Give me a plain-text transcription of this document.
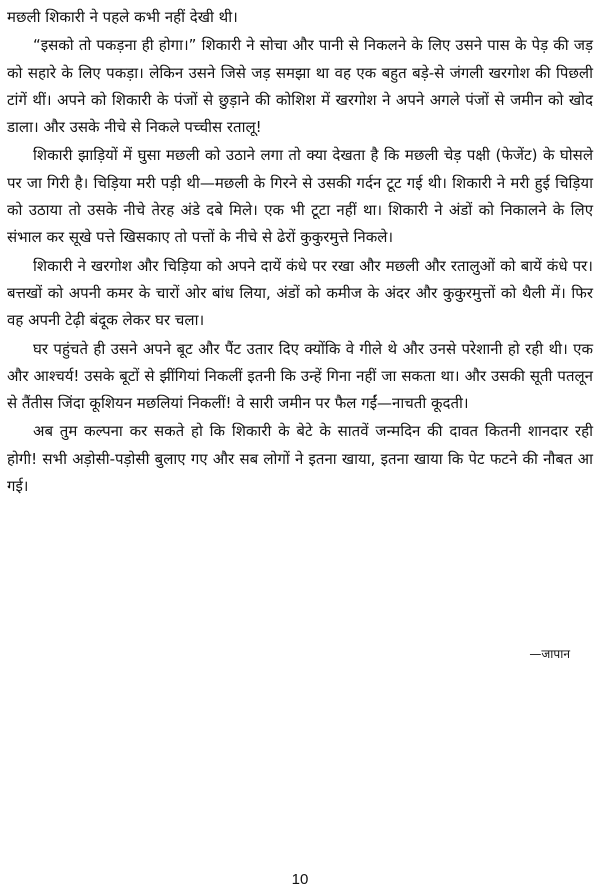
मछली शिकारी ने पहले कभी नहीं देखी थी।

“इसको तो पकड़ना ही होगा।” शिकारी ने सोचा और पानी से निकलने के लिए उसने पास के पेड़ की जड़ को सहारे के लिए पकड़ा। लेकिन उसने जिसे जड़ समझा था वह एक बहुत बड़े-से जंगली खरगोश की पिछली टांगें थीं। अपने को शिकारी के पंजों से छुड़ाने की कोशिश में खरगोश ने अपने अगले पंजों से जमीन को खोद डाला। और उसके नीचे से निकले पच्चीस रतालू!

शिकारी झाड़ियों में घुसा मछली को उठाने लगा तो क्या देखता है कि मछली चेड़ पक्षी (फेजेंट) के घोसले पर जा गिरी है। चिड़िया मरी पड़ी थी—मछली के गिरने से उसकी गर्दन टूट गई थी। शिकारी ने मरी हुई चिड़िया को उठाया तो उसके नीचे तेरह अंडे दबे मिले। एक भी टूटा नहीं था। शिकारी ने अंडों को निकालने के लिए संभाल कर सूखे पत्ते खिसकाए तो पत्तों के नीचे से ढेरों कुकुरमुत्ते निकले।

शिकारी ने खरगोश और चिड़िया को अपने दायें कंधे पर रखा और मछली और रतालुओं को बायें कंधे पर। बत्तखों को अपनी कमर के चारों ओर बांध लिया, अंडों को कमीज के अंदर और कुकुरमुत्तों को थैली में। फिर वह अपनी टेढ़ी बंदूक लेकर घर चला।

घर पहुंचते ही उसने अपने बूट और पैंट उतार दिए क्योंकि वे गीले थे और उनसे परेशानी हो रही थी। एक और आश्चर्य! उसके बूटों से झींगियां निकलीं इतनी कि उन्हें गिना नहीं जा सकता था। और उसकी सूती पतलून से तैंतीस जिंदा कूशियन मछलियां निकलीं! वे सारी जमीन पर फैल गईं—नाचती कूदती।

अब तुम कल्पना कर सकते हो कि शिकारी के बेटे के सातवें जन्मदिन की दावत कितनी शानदार रही होगी! सभी अड़ोसी-पड़ोसी बुलाए गए और सब लोगों ने इतना खाया, इतना खाया कि पेट फटने की नौबत आ गई।

—जापान
10
